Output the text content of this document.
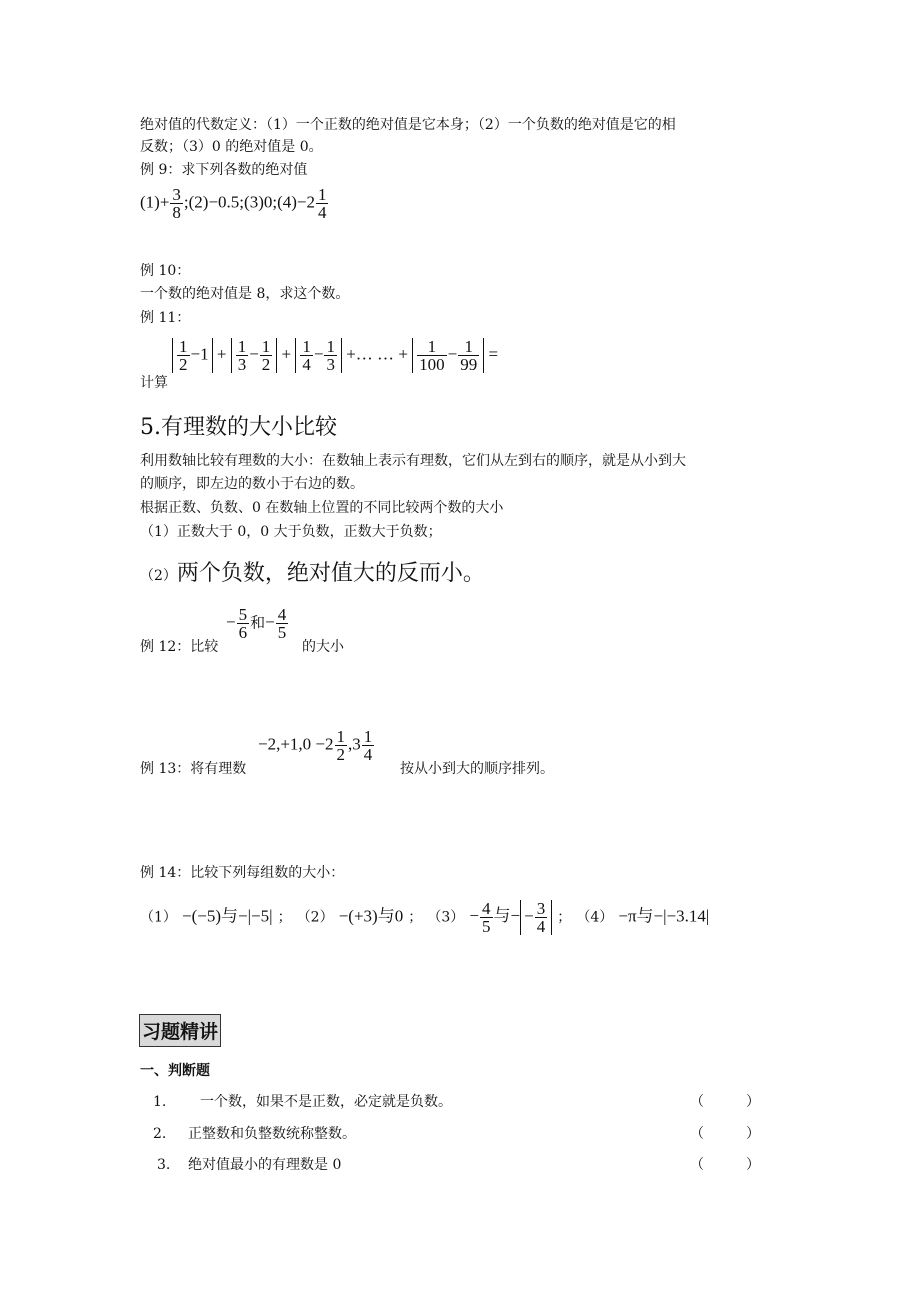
绝对值的代数定义：（1）一个正数的绝对值是它本身；（2）一个负数的绝对值是它的相
反数；（3）0 的绝对值是 0。
例 9：求下列各数的绝对值
$(1)+ \frac{3}{8}$ ;(2)−0.5;(3)0;(4)−2 $\frac{1}{4}$
例 10：
一个数的绝对值是 8，求这个数。
例 11：
计算
$\frac{1}{2} -1 + \frac{1}{3} - \frac{1}{2} + \frac{1}{4} - \frac{1}{3}$ +… … + $\frac{1}{100} - \frac{1}{99}$ =
5.有理数的大小比较
利用数轴比较有理数的大小：在数轴上表示有理数，它们从左到右的顺序，就是从小到大
的顺序，即左边的数小于右边的数。
根据正数、负数、0 在数轴上位置的不同比较两个数的大小
（1）正数大于 0，0 大于负数，正数大于负数；
（2）两个负数，绝对值大的反而小。
例 12：比较
− $\frac{5}{6}$ 和− $\frac{4}{5}$
的大小
例 13：将有理数
$-2,+1,0 -2 \frac{1}{2} ,3 \frac{1}{4}$
按从小到大的顺序排列。
例 14：比较下列每组数的大小：
（1） −(−5)与−|−5| ； （2） −(+3)与0 ； $(3) - \frac{4}{5}$ 与− − $\frac{3}{4}$ ； （4） −π与−|−3.14|
习题精讲
一、判断题
1. 一个数，如果不是正数，必定就是负数。	（　　　）
2. 正整数和负整数统称整数。	（　　　）
3. 绝对值最小的有理数是 0	（　　　）
